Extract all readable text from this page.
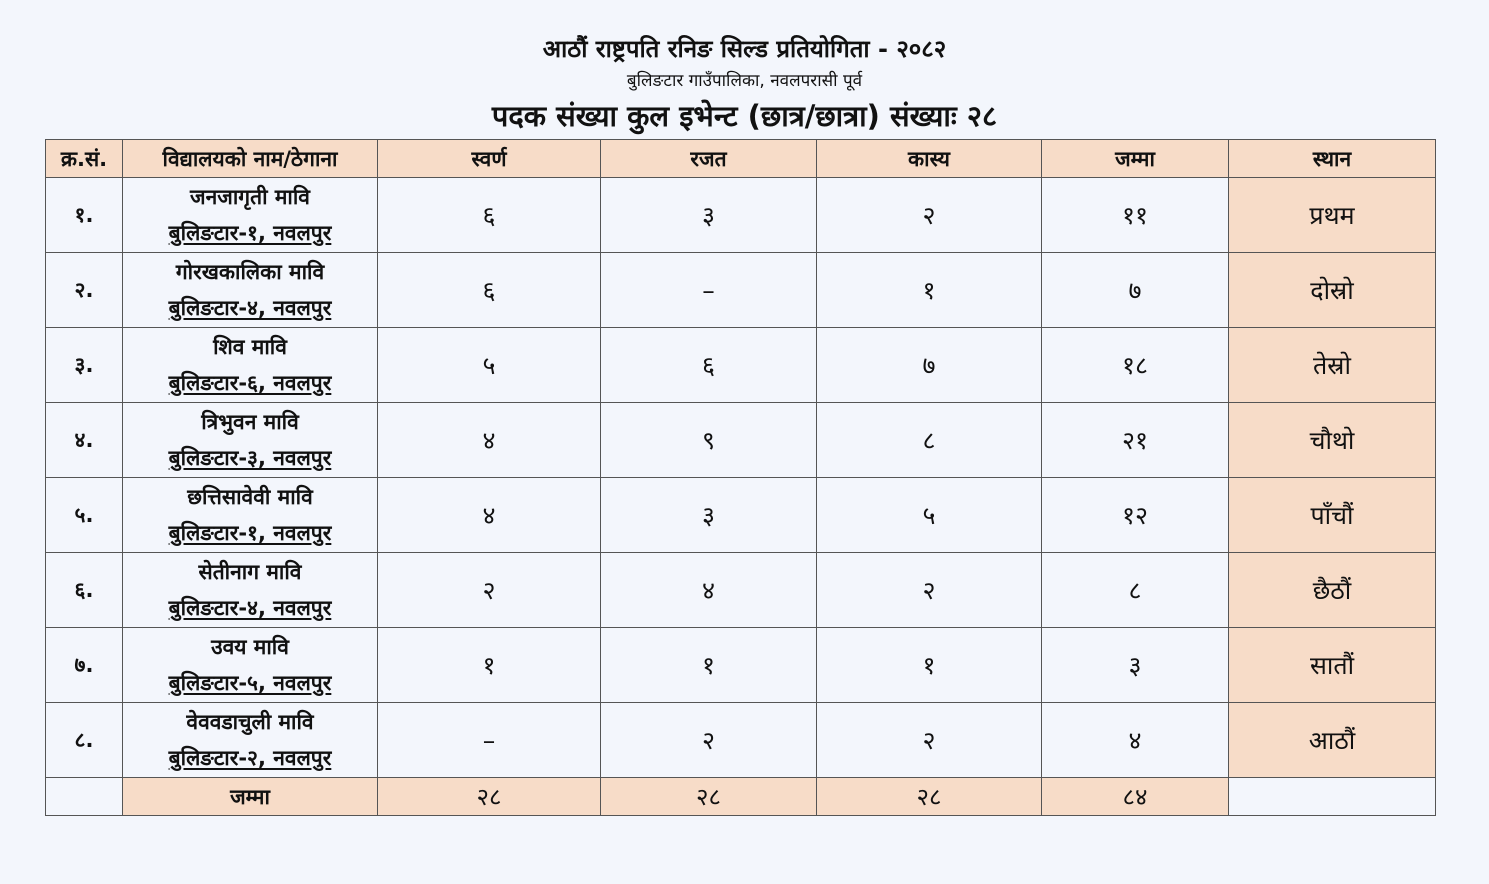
आठौं राष्ट्रपति रनिङ सिल्ड प्रतियोगिता - २०८२
बुलिङटार गाउँपालिका, नवलपरासी पूर्व
पदक संख्या कुल इभेन्ट (छात्र/छात्रा) संख्याः २८
क्र.सं.	विद्यालयको नाम/ठेगाना	स्वर्ण	रजत	कास्य	जम्मा	स्थान
१.	जनजागृती मावि
बुलिङटार-१, नवलपुर	६	३	२	११	प्रथम
२.	गोरखकालिका मावि
बुलिङटार-४, नवलपुर	६	–	१	७	दोस्रो
३.	शिव मावि
बुलिङटार-६, नवलपुर	५	६	७	१८	तेस्रो
४.	त्रिभुवन मावि
बुलिङटार-३, नवलपुर	४	९	८	२१	चौथो
५.	छत्तिसावेवी मावि
बुलिङटार-१, नवलपुर	४	३	५	१२	पाँचौं
६.	सेतीनाग मावि
बुलिङटार-४, नवलपुर	२	४	२	८	छैठौं
७.	उवय मावि
बुलिङटार-५, नवलपुर	१	१	१	३	सातौं
८.	वेववडाचुली मावि
बुलिङटार-२, नवलपुर	–	२	२	४	आठौं
	जम्मा	२८	२८	२८	८४	
